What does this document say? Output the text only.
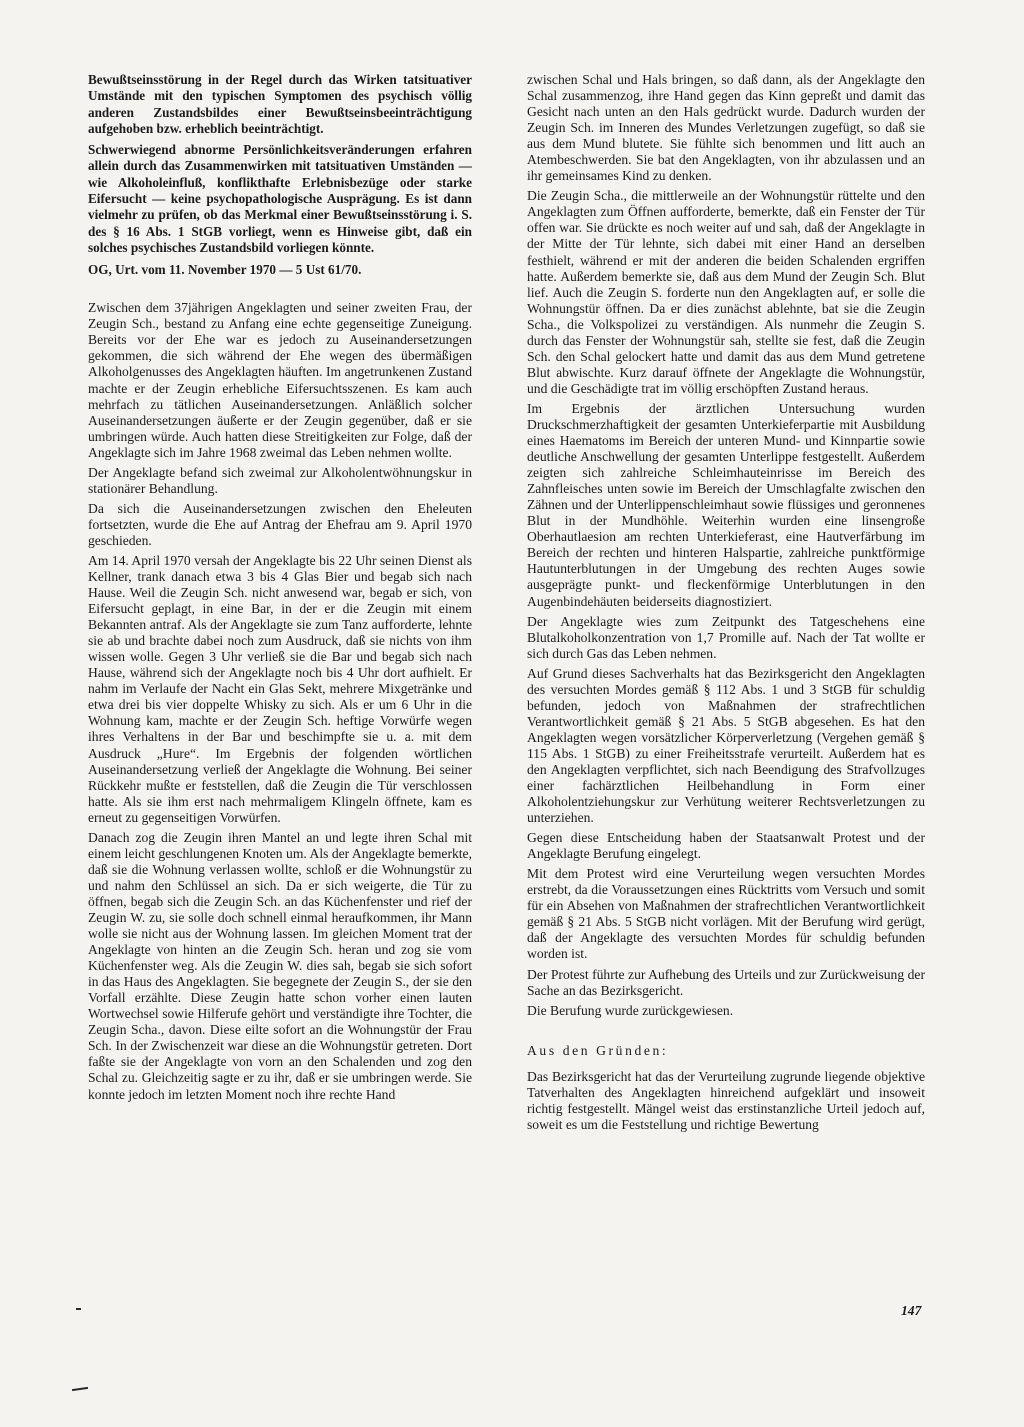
Bewußtseinsstörung in der Regel durch das Wirken tatsituativer Umstände mit den typischen Symptomen des psychisch völlig anderen Zustandsbildes einer Bewußtseinsbeeinträchtigung aufgehoben bzw. erheblich beeinträchtigt.

Schwerwiegend abnorme Persönlichkeitsveränderungen erfahren allein durch das Zusammenwirken mit tatsituativen Umständen — wie Alkoholeinfluß, konflikthafte Erlebnisbezüge oder starke Eifersucht — keine psychopathologische Ausprägung. Es ist dann vielmehr zu prüfen, ob das Merkmal einer Bewußtseinsstörung i. S. des § 16 Abs. 1 StGB vorliegt, wenn es Hinweise gibt, daß ein solches psychisches Zustandsbild vorliegen könnte.

OG, Urt. vom 11. November 1970 — 5 Ust 61/70.

Zwischen dem 37jährigen Angeklagten und seiner zweiten Frau, der Zeugin Sch., bestand zu Anfang eine echte gegenseitige Zuneigung. Bereits vor der Ehe war es jedoch zu Auseinandersetzungen gekommen, die sich während der Ehe wegen des übermäßigen Alkoholgenusses des Angeklagten häuften. Im angetrunkenen Zustand machte er der Zeugin erhebliche Eifersuchtsszenen. Es kam auch mehrfach zu tätlichen Auseinandersetzungen. Anläßlich solcher Auseinandersetzungen äußerte er der Zeugin gegenüber, daß er sie umbringen würde. Auch hatten diese Streitigkeiten zur Folge, daß der Angeklagte sich im Jahre 1968 zweimal das Leben nehmen wollte.

Der Angeklagte befand sich zweimal zur Alkoholentwöhnungskur in stationärer Behandlung.

Da sich die Auseinandersetzungen zwischen den Eheleuten fortsetzten, wurde die Ehe auf Antrag der Ehefrau am 9. April 1970 geschieden.

Am 14. April 1970 versah der Angeklagte bis 22 Uhr seinen Dienst als Kellner, trank danach etwa 3 bis 4 Glas Bier und begab sich nach Hause. Weil die Zeugin Sch. nicht anwesend war, begab er sich, von Eifersucht geplagt, in eine Bar, in der er die Zeugin mit einem Bekannten antraf. Als der Angeklagte sie zum Tanz aufforderte, lehnte sie ab und brachte dabei noch zum Ausdruck, daß sie nichts von ihm wissen wolle. Gegen 3 Uhr verließ sie die Bar und begab sich nach Hause, während sich der Angeklagte noch bis 4 Uhr dort aufhielt. Er nahm im Verlaufe der Nacht ein Glas Sekt, mehrere Mixgetränke und etwa drei bis vier doppelte Whisky zu sich. Als er um 6 Uhr in die Wohnung kam, machte er der Zeugin Sch. heftige Vorwürfe wegen ihres Verhaltens in der Bar und beschimpfte sie u. a. mit dem Ausdruck „Hure“. Im Ergebnis der folgenden wörtlichen Auseinandersetzung verließ der Angeklagte die Wohnung. Bei seiner Rückkehr mußte er feststellen, daß die Zeugin die Tür verschlossen hatte. Als sie ihm erst nach mehrmaligem Klingeln öffnete, kam es erneut zu gegenseitigen Vorwürfen.

Danach zog die Zeugin ihren Mantel an und legte ihren Schal mit einem leicht geschlungenen Knoten um. Als der Angeklagte bemerkte, daß sie die Wohnung verlassen wollte, schloß er die Wohnungstür zu und nahm den Schlüssel an sich. Da er sich weigerte, die Tür zu öffnen, begab sich die Zeugin Sch. an das Küchenfenster und rief der Zeugin W. zu, sie solle doch schnell einmal heraufkommen, ihr Mann wolle sie nicht aus der Wohnung lassen. Im gleichen Moment trat der Angeklagte von hinten an die Zeugin Sch. heran und zog sie vom Küchenfenster weg. Als die Zeugin W. dies sah, begab sie sich sofort in das Haus des Angeklagten. Sie begegnete der Zeugin S., der sie den Vorfall erzählte. Diese Zeugin hatte schon vorher einen lauten Wortwechsel sowie Hilferufe gehört und verständigte ihre Tochter, die Zeugin Scha., davon. Diese eilte sofort an die Wohnungstür der Frau Sch. In der Zwischenzeit war diese an die Wohnungstür getreten. Dort faßte sie der Angeklagte von vorn an den Schalenden und zog den Schal zu. Gleichzeitig sagte er zu ihr, daß er sie umbringen werde. Sie konnte jedoch im letzten Moment noch ihre rechte Hand

zwischen Schal und Hals bringen, so daß dann, als der Angeklagte den Schal zusammenzog, ihre Hand gegen das Kinn gepreßt und damit das Gesicht nach unten an den Hals gedrückt wurde. Dadurch wurden der Zeugin Sch. im Inneren des Mundes Verletzungen zugefügt, so daß sie aus dem Mund blutete. Sie fühlte sich benommen und litt auch an Atembeschwerden. Sie bat den Angeklagten, von ihr abzulassen und an ihr gemeinsames Kind zu denken.

Die Zeugin Scha., die mittlerweile an der Wohnungstür rüttelte und den Angeklagten zum Öffnen aufforderte, bemerkte, daß ein Fenster der Tür offen war. Sie drückte es noch weiter auf und sah, daß der Angeklagte in der Mitte der Tür lehnte, sich dabei mit einer Hand an derselben festhielt, während er mit der anderen die beiden Schalenden ergriffen hatte. Außerdem bemerkte sie, daß aus dem Mund der Zeugin Sch. Blut lief. Auch die Zeugin S. forderte nun den Angeklagten auf, er solle die Wohnungstür öffnen. Da er dies zunächst ablehnte, bat sie die Zeugin Scha., die Volkspolizei zu verständigen. Als nunmehr die Zeugin S. durch das Fenster der Wohnungstür sah, stellte sie fest, daß die Zeugin Sch. den Schal gelockert hatte und damit das aus dem Mund getretene Blut abwischte. Kurz darauf öffnete der Angeklagte die Wohnungstür, und die Geschädigte trat im völlig erschöpften Zustand heraus.

Im Ergebnis der ärztlichen Untersuchung wurden Druckschmerzhaftigkeit der gesamten Unterkieferpartie mit Ausbildung eines Haematoms im Bereich der unteren Mund- und Kinnpartie sowie deutliche Anschwellung der gesamten Unterlippe festgestellt. Außerdem zeigten sich zahlreiche Schleimhauteinrisse im Bereich des Zahnfleisches unten sowie im Bereich der Umschlagfalte zwischen den Zähnen und der Unterlippenschleimhaut sowie flüssiges und geronnenes Blut in der Mundhöhle. Weiterhin wurden eine linsengroße Oberhautlaesion am rechten Unterkieferast, eine Hautverfärbung im Bereich der rechten und hinteren Halspartie, zahlreiche punktförmige Hautunterblutungen in der Umgebung des rechten Auges sowie ausgeprägte punkt- und fleckenförmige Unterblutungen in den Augenbindehäuten beiderseits diagnostiziert.

Der Angeklagte wies zum Zeitpunkt des Tatgeschehens eine Blutalkoholkonzentration von 1,7 Promille auf. Nach der Tat wollte er sich durch Gas das Leben nehmen.

Auf Grund dieses Sachverhalts hat das Bezirksgericht den Angeklagten des versuchten Mordes gemäß § 112 Abs. 1 und 3 StGB für schuldig befunden, jedoch von Maßnahmen der strafrechtlichen Verantwortlichkeit gemäß § 21 Abs. 5 StGB abgesehen. Es hat den Angeklagten wegen vorsätzlicher Körperverletzung (Vergehen gemäß § 115 Abs. 1 StGB) zu einer Freiheitsstrafe verurteilt. Außerdem hat es den Angeklagten verpflichtet, sich nach Beendigung des Strafvollzuges einer fachärztlichen Heilbehandlung in Form einer Alkoholentziehungskur zur Verhütung weiterer Rechtsverletzungen zu unterziehen.

Gegen diese Entscheidung haben der Staatsanwalt Protest und der Angeklagte Berufung eingelegt.

Mit dem Protest wird eine Verurteilung wegen versuchten Mordes erstrebt, da die Voraussetzungen eines Rücktritts vom Versuch und somit für ein Absehen von Maßnahmen der strafrechtlichen Verantwortlichkeit gemäß § 21 Abs. 5 StGB nicht vorlägen. Mit der Berufung wird gerügt, daß der Angeklagte des versuchten Mordes für schuldig befunden worden ist.

Der Protest führte zur Aufhebung des Urteils und zur Zurückweisung der Sache an das Bezirksgericht.

Die Berufung wurde zurückgewiesen.

Aus den Gründen:

Das Bezirksgericht hat das der Verurteilung zugrunde liegende objektive Tatverhalten des Angeklagten hinreichend aufgeklärt und insoweit richtig festgestellt. Mängel weist das erstinstanzliche Urteil jedoch auf, soweit es um die Feststellung und richtige Bewertung

147
